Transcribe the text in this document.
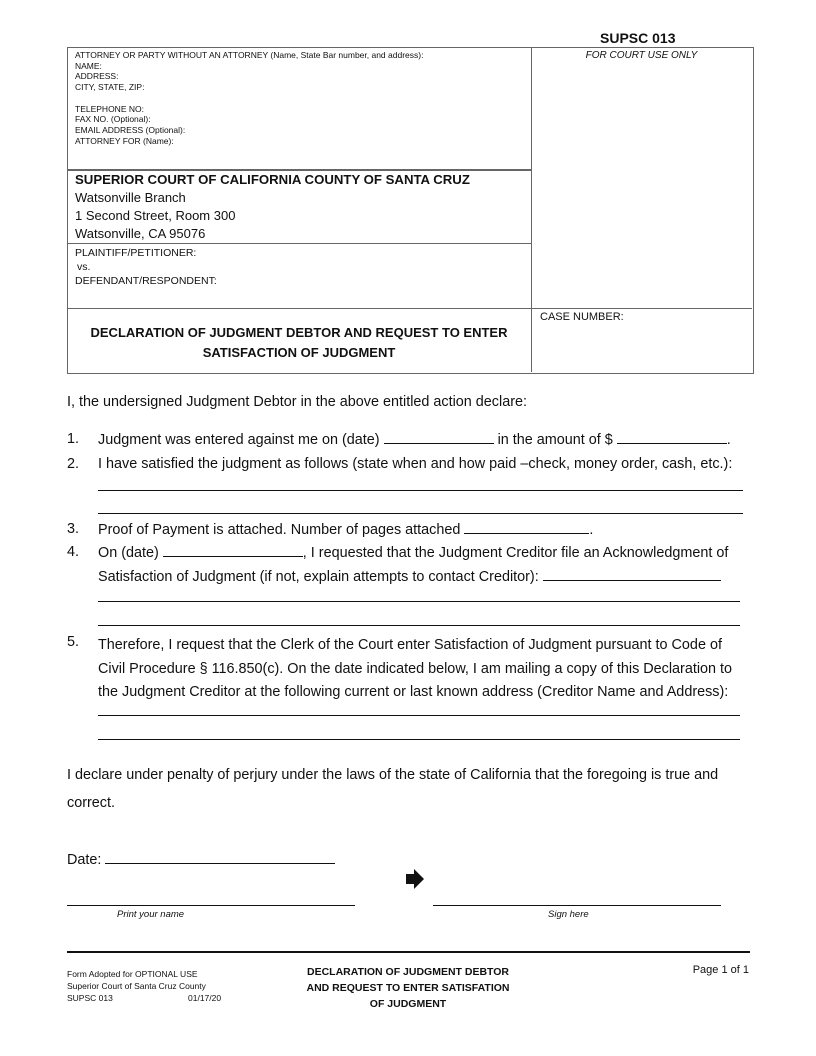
SUPSC 013
ATTORNEY OR PARTY WITHOUT AN ATTORNEY (Name, State Bar number, and address):
NAME:
ADDRESS:
CITY, STATE, ZIP:
TELEPHONE NO:
FAX NO. (Optional):
EMAIL ADDRESS (Optional):
ATTORNEY FOR (Name):
FOR COURT USE ONLY
SUPERIOR COURT OF CALIFORNIA COUNTY OF SANTA CRUZ
Watsonville Branch
1 Second Street, Room 300
Watsonville, CA 95076
PLAINTIFF/PETITIONER:
vs.
DEFENDANT/RESPONDENT:
DECLARATION OF JUDGMENT DEBTOR AND REQUEST TO ENTER
SATISFACTION OF JUDGMENT
CASE NUMBER:
I, the undersigned Judgment Debtor in the above entitled action declare:
1. Judgment was entered against me on (date)	in the amount of $	.
2. I have satisfied the judgment as follows (state when and how paid –check, money order, cash, etc.):
3. Proof of Payment is attached. Number of pages attached	.
4. On (date)	, I requested that the Judgment Creditor file an Acknowledgment of
Satisfaction of Judgment (if not, explain attempts to contact Creditor):
5. Therefore, I request that the Clerk of the Court enter Satisfaction of Judgment pursuant to Code of
Civil Procedure § 116.850(c). On the date indicated below, I am mailing a copy of this Declaration to
the Judgment Creditor at the following current or last known address (Creditor Name and Address):
I declare under penalty of perjury under the laws of the state of California that the foregoing is true and
correct.
Date:
Print your name	Sign here
Form Adopted for OPTIONAL USE
Superior Court of Santa Cruz County
SUPSC 013	01/17/20
DECLARATION OF JUDGMENT DEBTOR
AND REQUEST TO ENTER SATISFATION
OF JUDGMENT
Page 1 of 1
